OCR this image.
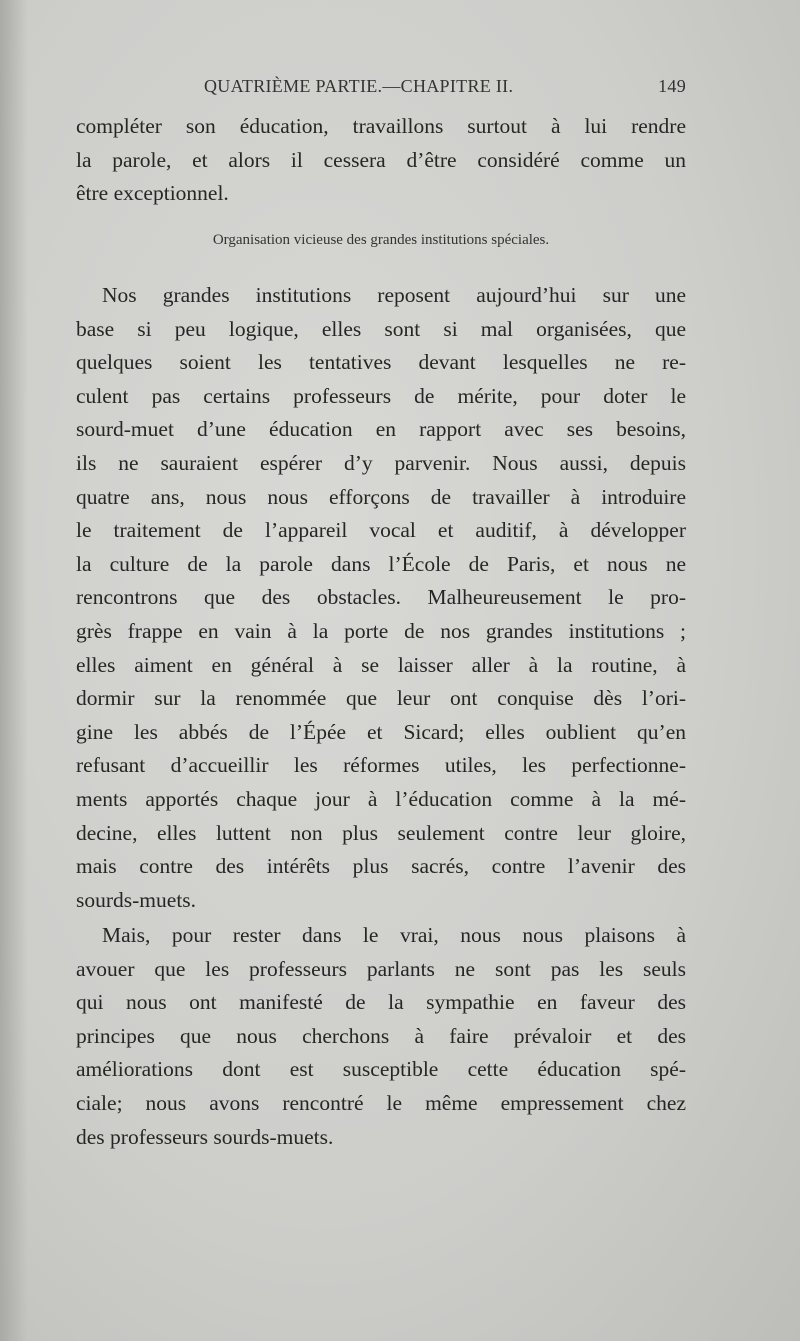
QUATRIÈME PARTIE.—CHAPITRE II.	149
compléter son éducation, travaillons surtout à lui rendre
la parole, et alors il cessera d’être considéré comme un
être exceptionnel.
Organisation vicieuse des grandes institutions spéciales.
Nos grandes institutions reposent aujourd’hui sur une
base si peu logique, elles sont si mal organisées, que
quelques soient les tentatives devant lesquelles ne re-
culent pas certains professeurs de mérite, pour doter le
sourd-muet d’une éducation en rapport avec ses besoins,
ils ne sauraient espérer d’y parvenir. Nous aussi, depuis
quatre ans, nous nous efforçons de travailler à introduire
le traitement de l’appareil vocal et auditif, à développer
la culture de la parole dans l’École de Paris, et nous ne
rencontrons que des obstacles. Malheureusement le pro-
grès frappe en vain à la porte de nos grandes institutions ;
elles aiment en général à se laisser aller à la routine, à
dormir sur la renommée que leur ont conquise dès l’ori-
gine les abbés de l’Épée et Sicard; elles oublient qu’en
refusant d’accueillir les réformes utiles, les perfectionne-
ments apportés chaque jour à l’éducation comme à la mé-
decine, elles luttent non plus seulement contre leur gloire,
mais contre des intérêts plus sacrés, contre l’avenir des
sourds-muets.
Mais, pour rester dans le vrai, nous nous plaisons à
avouer que les professeurs parlants ne sont pas les seuls
qui nous ont manifesté de la sympathie en faveur des
principes que nous cherchons à faire prévaloir et des
améliorations dont est susceptible cette éducation spé-
ciale; nous avons rencontré le même empressement chez
des professeurs sourds-muets.
